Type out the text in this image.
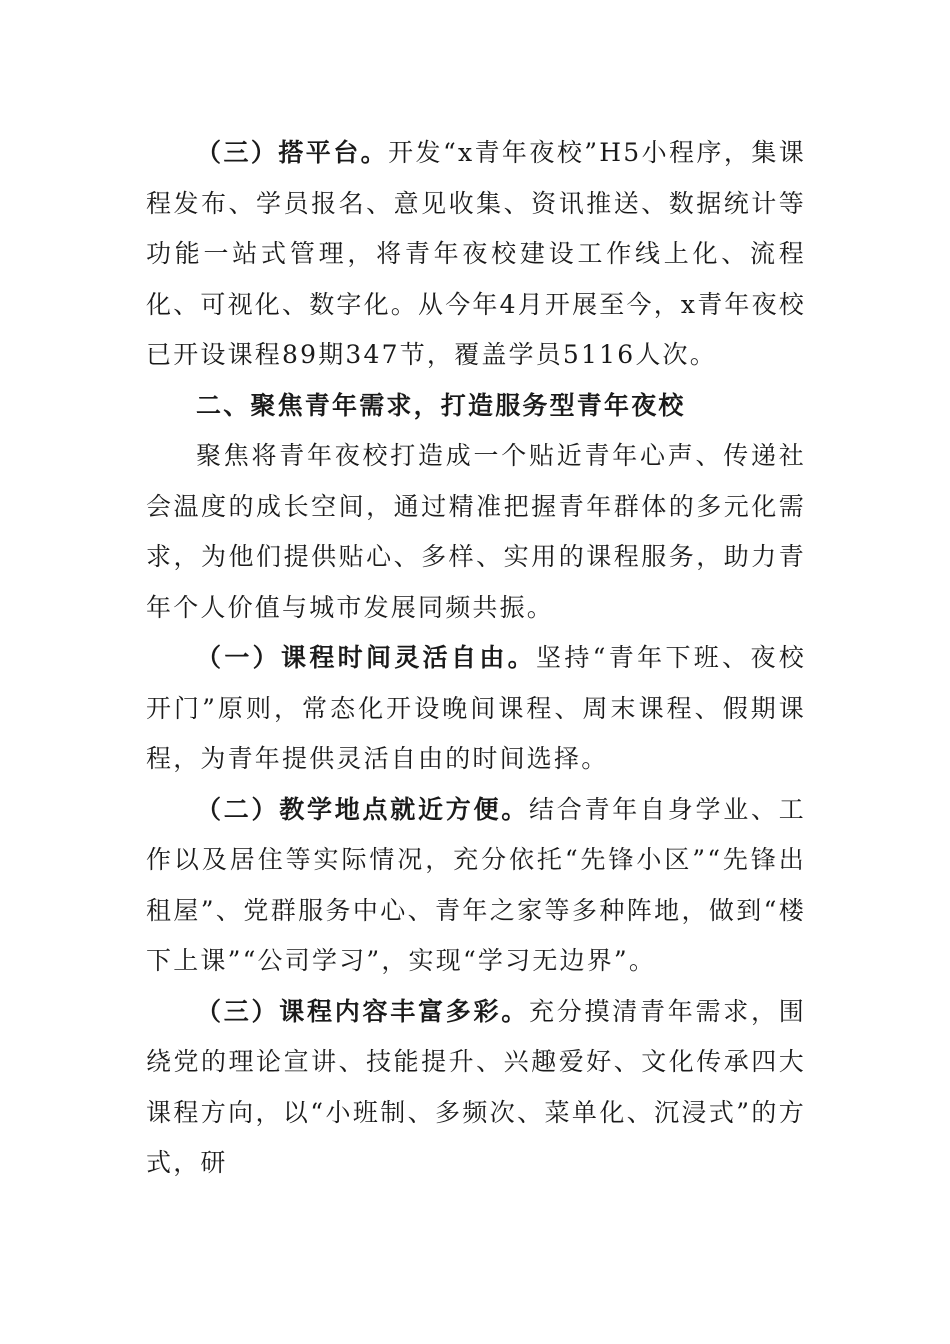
（三）搭平台。开发“x青年夜校”H5小程序，集课程发布、学员报名、意见收集、资讯推送、数据统计等功能一站式管理，将青年夜校建设工作线上化、流程化、可视化、数字化。从今年4月开展至今，x青年夜校已开设课程89期347节，覆盖学员5116人次。

二、聚焦青年需求，打造服务型青年夜校

聚焦将青年夜校打造成一个贴近青年心声、传递社会温度的成长空间，通过精准把握青年群体的多元化需求，为他们提供贴心、多样、实用的课程服务，助力青年个人价值与城市发展同频共振。

（一）课程时间灵活自由。坚持“青年下班、夜校开门”原则，常态化开设晚间课程、周末课程、假期课程，为青年提供灵活自由的时间选择。

（二）教学地点就近方便。结合青年自身学业、工作以及居住等实际情况，充分依托“先锋小区”“先锋出租屋”、党群服务中心、青年之家等多种阵地，做到“楼下上课”“公司学习”，实现“学习无边界”。

（三）课程内容丰富多彩。充分摸清青年需求，围绕党的理论宣讲、技能提升、兴趣爱好、文化传承四大课程方向，以“小班制、多频次、菜单化、沉浸式”的方式，研
